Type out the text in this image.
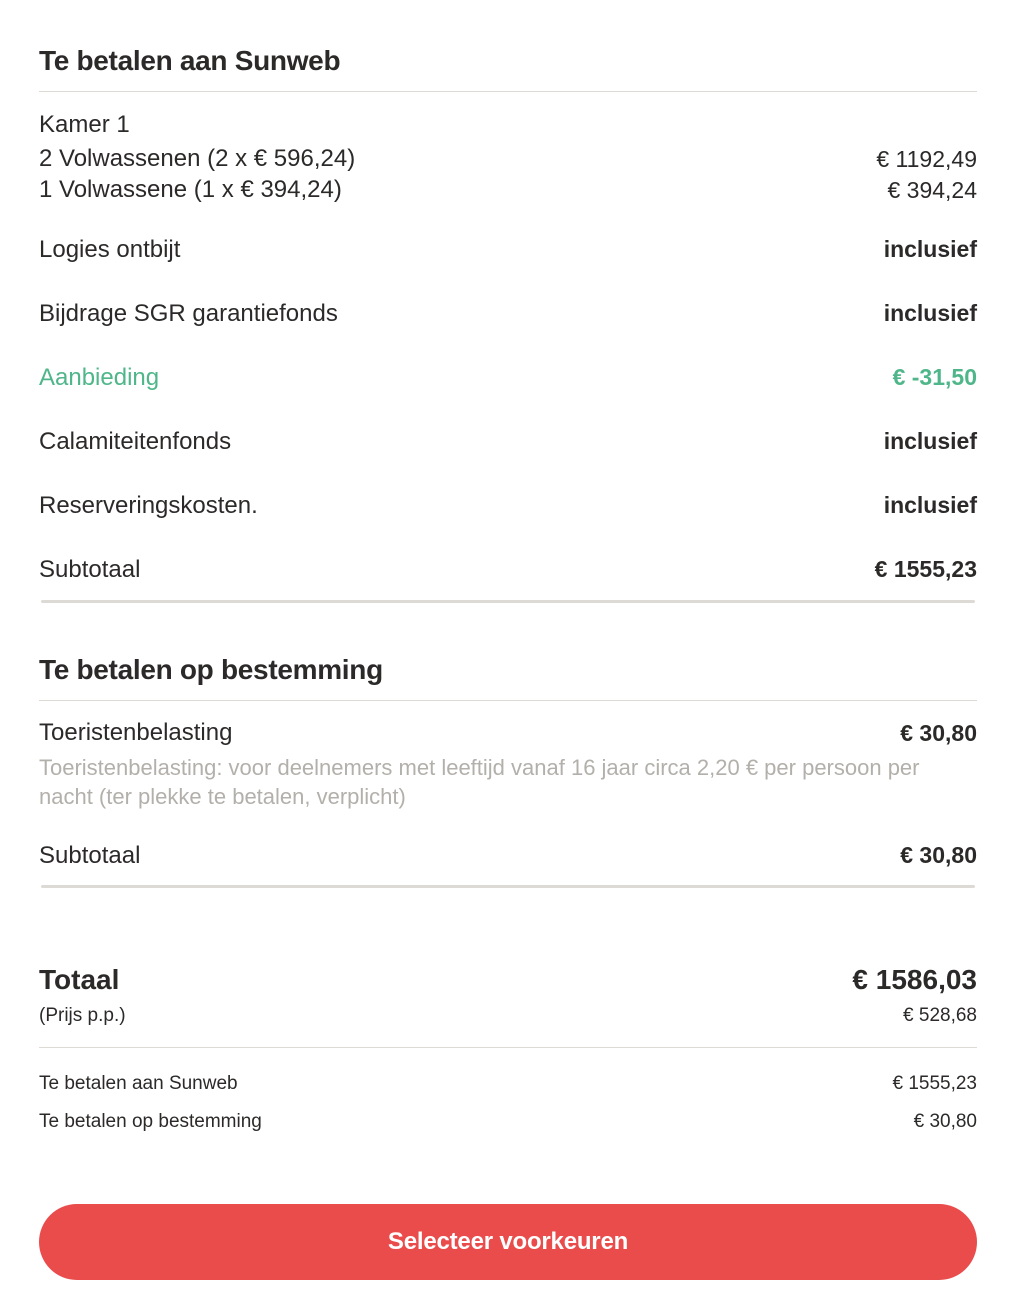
Te betalen aan Sunweb
Kamer 1
2 Volwassenen (2 x € 596,24)	€ 1192,49
1 Volwassene (1 x € 394,24)	€ 394,24
Logies ontbijt	inclusief
Bijdrage SGR garantiefonds	inclusief
Aanbieding	€ -31,50
Calamiteitenfonds	inclusief
Reserveringskosten.	inclusief
Subtotaal	€ 1555,23
Te betalen op bestemming
Toeristenbelasting	€ 30,80
Toeristenbelasting: voor deelnemers met leeftijd vanaf 16 jaar circa 2,20 € per persoon per nacht (ter plekke te betalen, verplicht)
Subtotaal	€ 30,80
Totaal	€ 1586,03
(Prijs p.p.)	€ 528,68
Te betalen aan Sunweb	€ 1555,23
Te betalen op bestemming	€ 30,80
Selecteer voorkeuren
